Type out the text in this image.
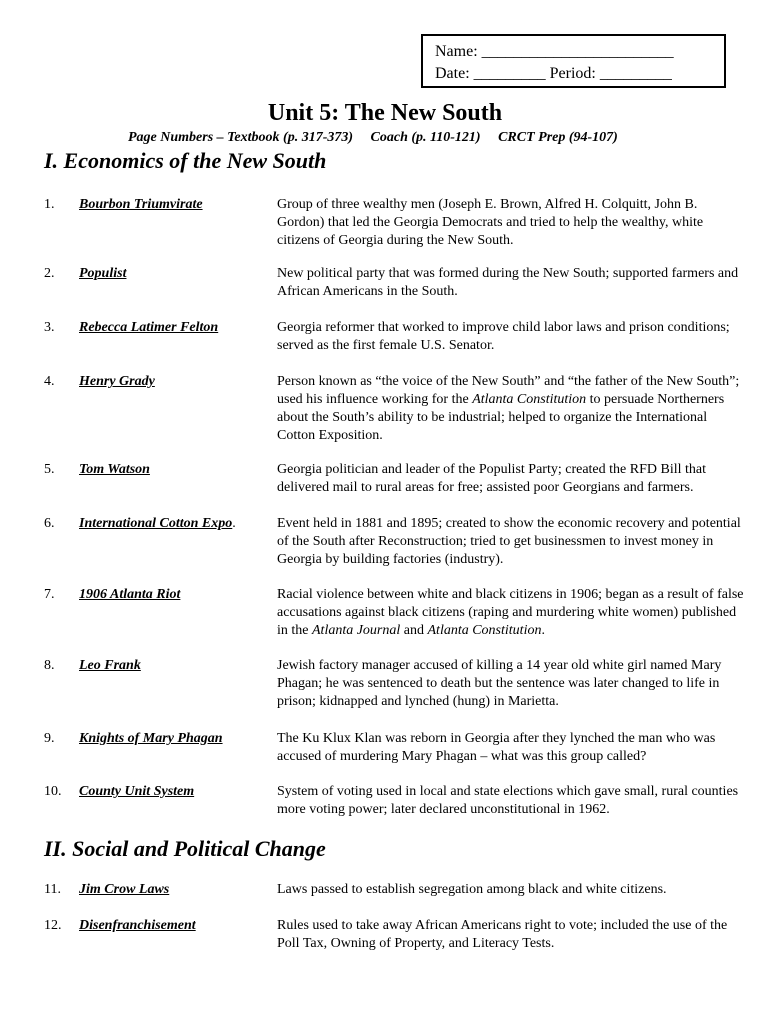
Name: ________________________
Date: _________ Period: _________
Unit 5: The New South
Page Numbers – Textbook (p. 317-373)     Coach (p. 110-121)     CRCT Prep (94-107)
I. Economics of the New South
II. Social and Political Change
1. Bourbon Triumvirate	Group of three wealthy men (Joseph E. Brown, Alfred H. Colquitt, John B. Gordon) that led the Georgia Democrats and tried to help the wealthy, white citizens of Georgia during the New South.
2. Populist	New political party that was formed during the New South; supported farmers and African Americans in the South.
3. Rebecca Latimer Felton	Georgia reformer that worked to improve child labor laws and prison conditions; served as the first female U.S. Senator.
4. Henry Grady	Person known as “the voice of the New South” and “the father of the New South”; used his influence working for the Atlanta Constitution to persuade Northerners about the South’s ability to be industrial; helped to organize the International Cotton Exposition.
5. Tom Watson	Georgia politician and leader of the Populist Party; created the RFD Bill that delivered mail to rural areas for free; assisted poor Georgians and farmers.
6. International Cotton Expo .	Event held in 1881 and 1895; created to show the economic recovery and potential of the South after Reconstruction; tried to get businessmen to invest money in Georgia by building factories (industry).
7. 1906 Atlanta Riot	Racial violence between white and black citizens in 1906; began as a result of false accusations against black citizens (raping and murdering white women) published in the Atlanta Journal and Atlanta Constitution.
8. Leo Frank	Jewish factory manager accused of killing a 14 year old white girl named Mary Phagan; he was sentenced to death but the sentence was later changed to life in prison; kidnapped and lynched (hung) in Marietta.
9. Knights of Mary Phagan	The Ku Klux Klan was reborn in Georgia after they lynched the man who was accused of murdering Mary Phagan – what was this group called?
10. County Unit System	System of voting used in local and state elections which gave small, rural counties more voting power; later declared unconstitutional in 1962.
11. Jim Crow Laws	Laws passed to establish segregation among black and white citizens.
12. Disenfranchisement	Rules used to take away African Americans right to vote; included the use of the Poll Tax, Owning of Property, and Literacy Tests.
